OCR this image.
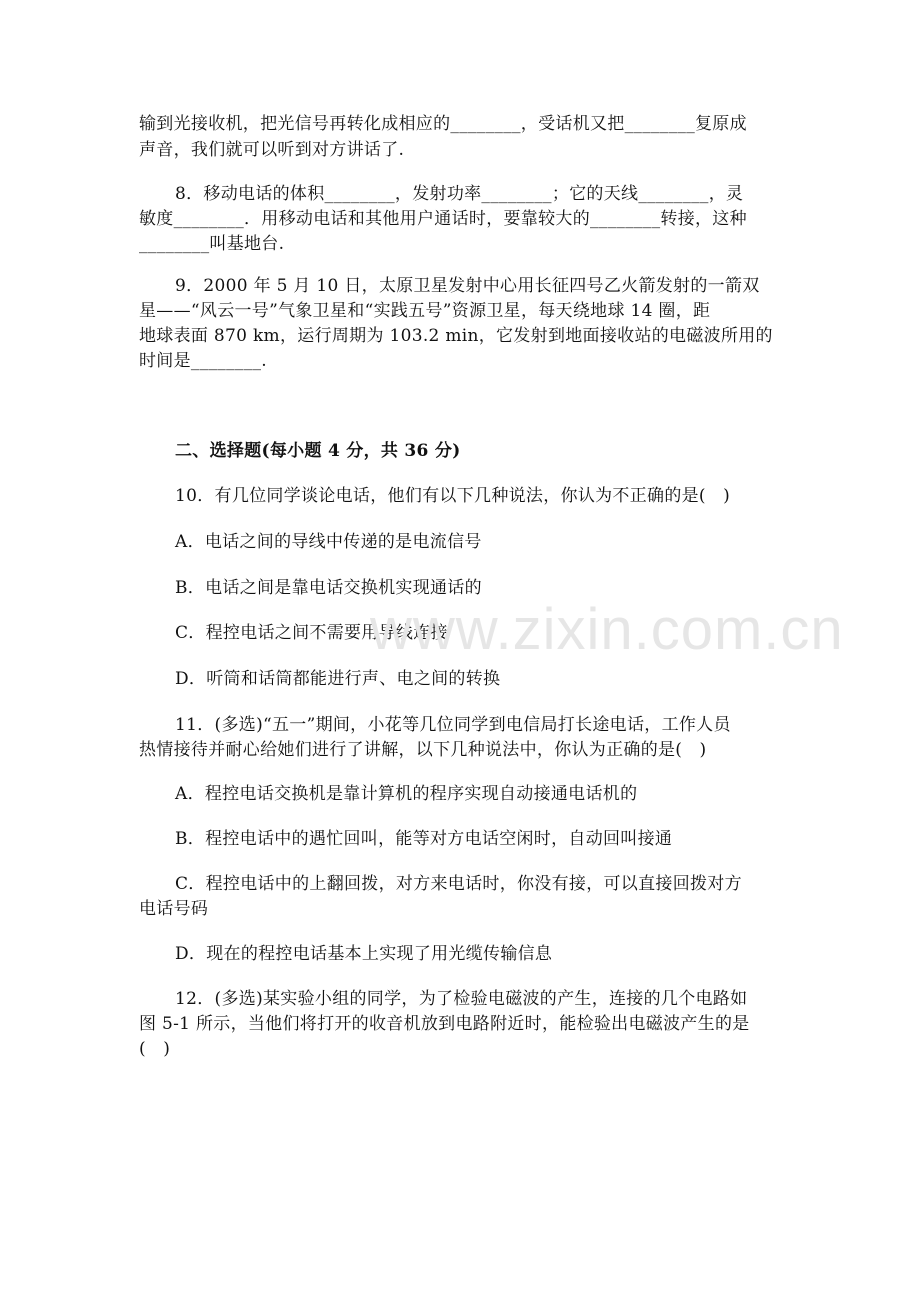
输到光接收机，把光信号再转化成相应的________，受话机又把________复原成
声音，我们就可以听到对方讲话了.
8．移动电话的体积________，发射功率________；它的天线________，灵
敏度________．用移动电话和其他用户通话时，要靠较大的________转接，这种
________叫基地台.
9．2000 年 5 月 10 日，太原卫星发射中心用长征四号乙火箭发射的一箭双
星——“风云一号”气象卫星和“实践五号”资源卫星，每天绕地球 14 圈，距
地球表面 870 km，运行周期为 103.2 min，它发射到地面接收站的电磁波所用的
时间是________.
二、选择题(每小题 4 分，共 36 分)
10．有几位同学谈论电话，他们有以下几种说法，你认为不正确的是(　)
A．电话之间的导线中传递的是电流信号
B．电话之间是靠电话交换机实现通话的
C．程控电话之间不需要用导线连接
D．听筒和话筒都能进行声、电之间的转换
11．(多选)“五一”期间，小花等几位同学到电信局打长途电话，工作人员
热情接待并耐心给她们进行了讲解，以下几种说法中，你认为正确的是(　)
A．程控电话交换机是靠计算机的程序实现自动接通电话机的
B．程控电话中的遇忙回叫，能等对方电话空闲时，自动回叫接通
C．程控电话中的上翻回拨，对方来电话时，你没有接，可以直接回拨对方
电话号码
D．现在的程控电话基本上实现了用光缆传输信息
12．(多选)某实验小组的同学，为了检验电磁波的产生，连接的几个电路如
图 5-1 所示，当他们将打开的收音机放到电路附近时，能检验出电磁波产生的是
(　)
www.zixin.com.cn
